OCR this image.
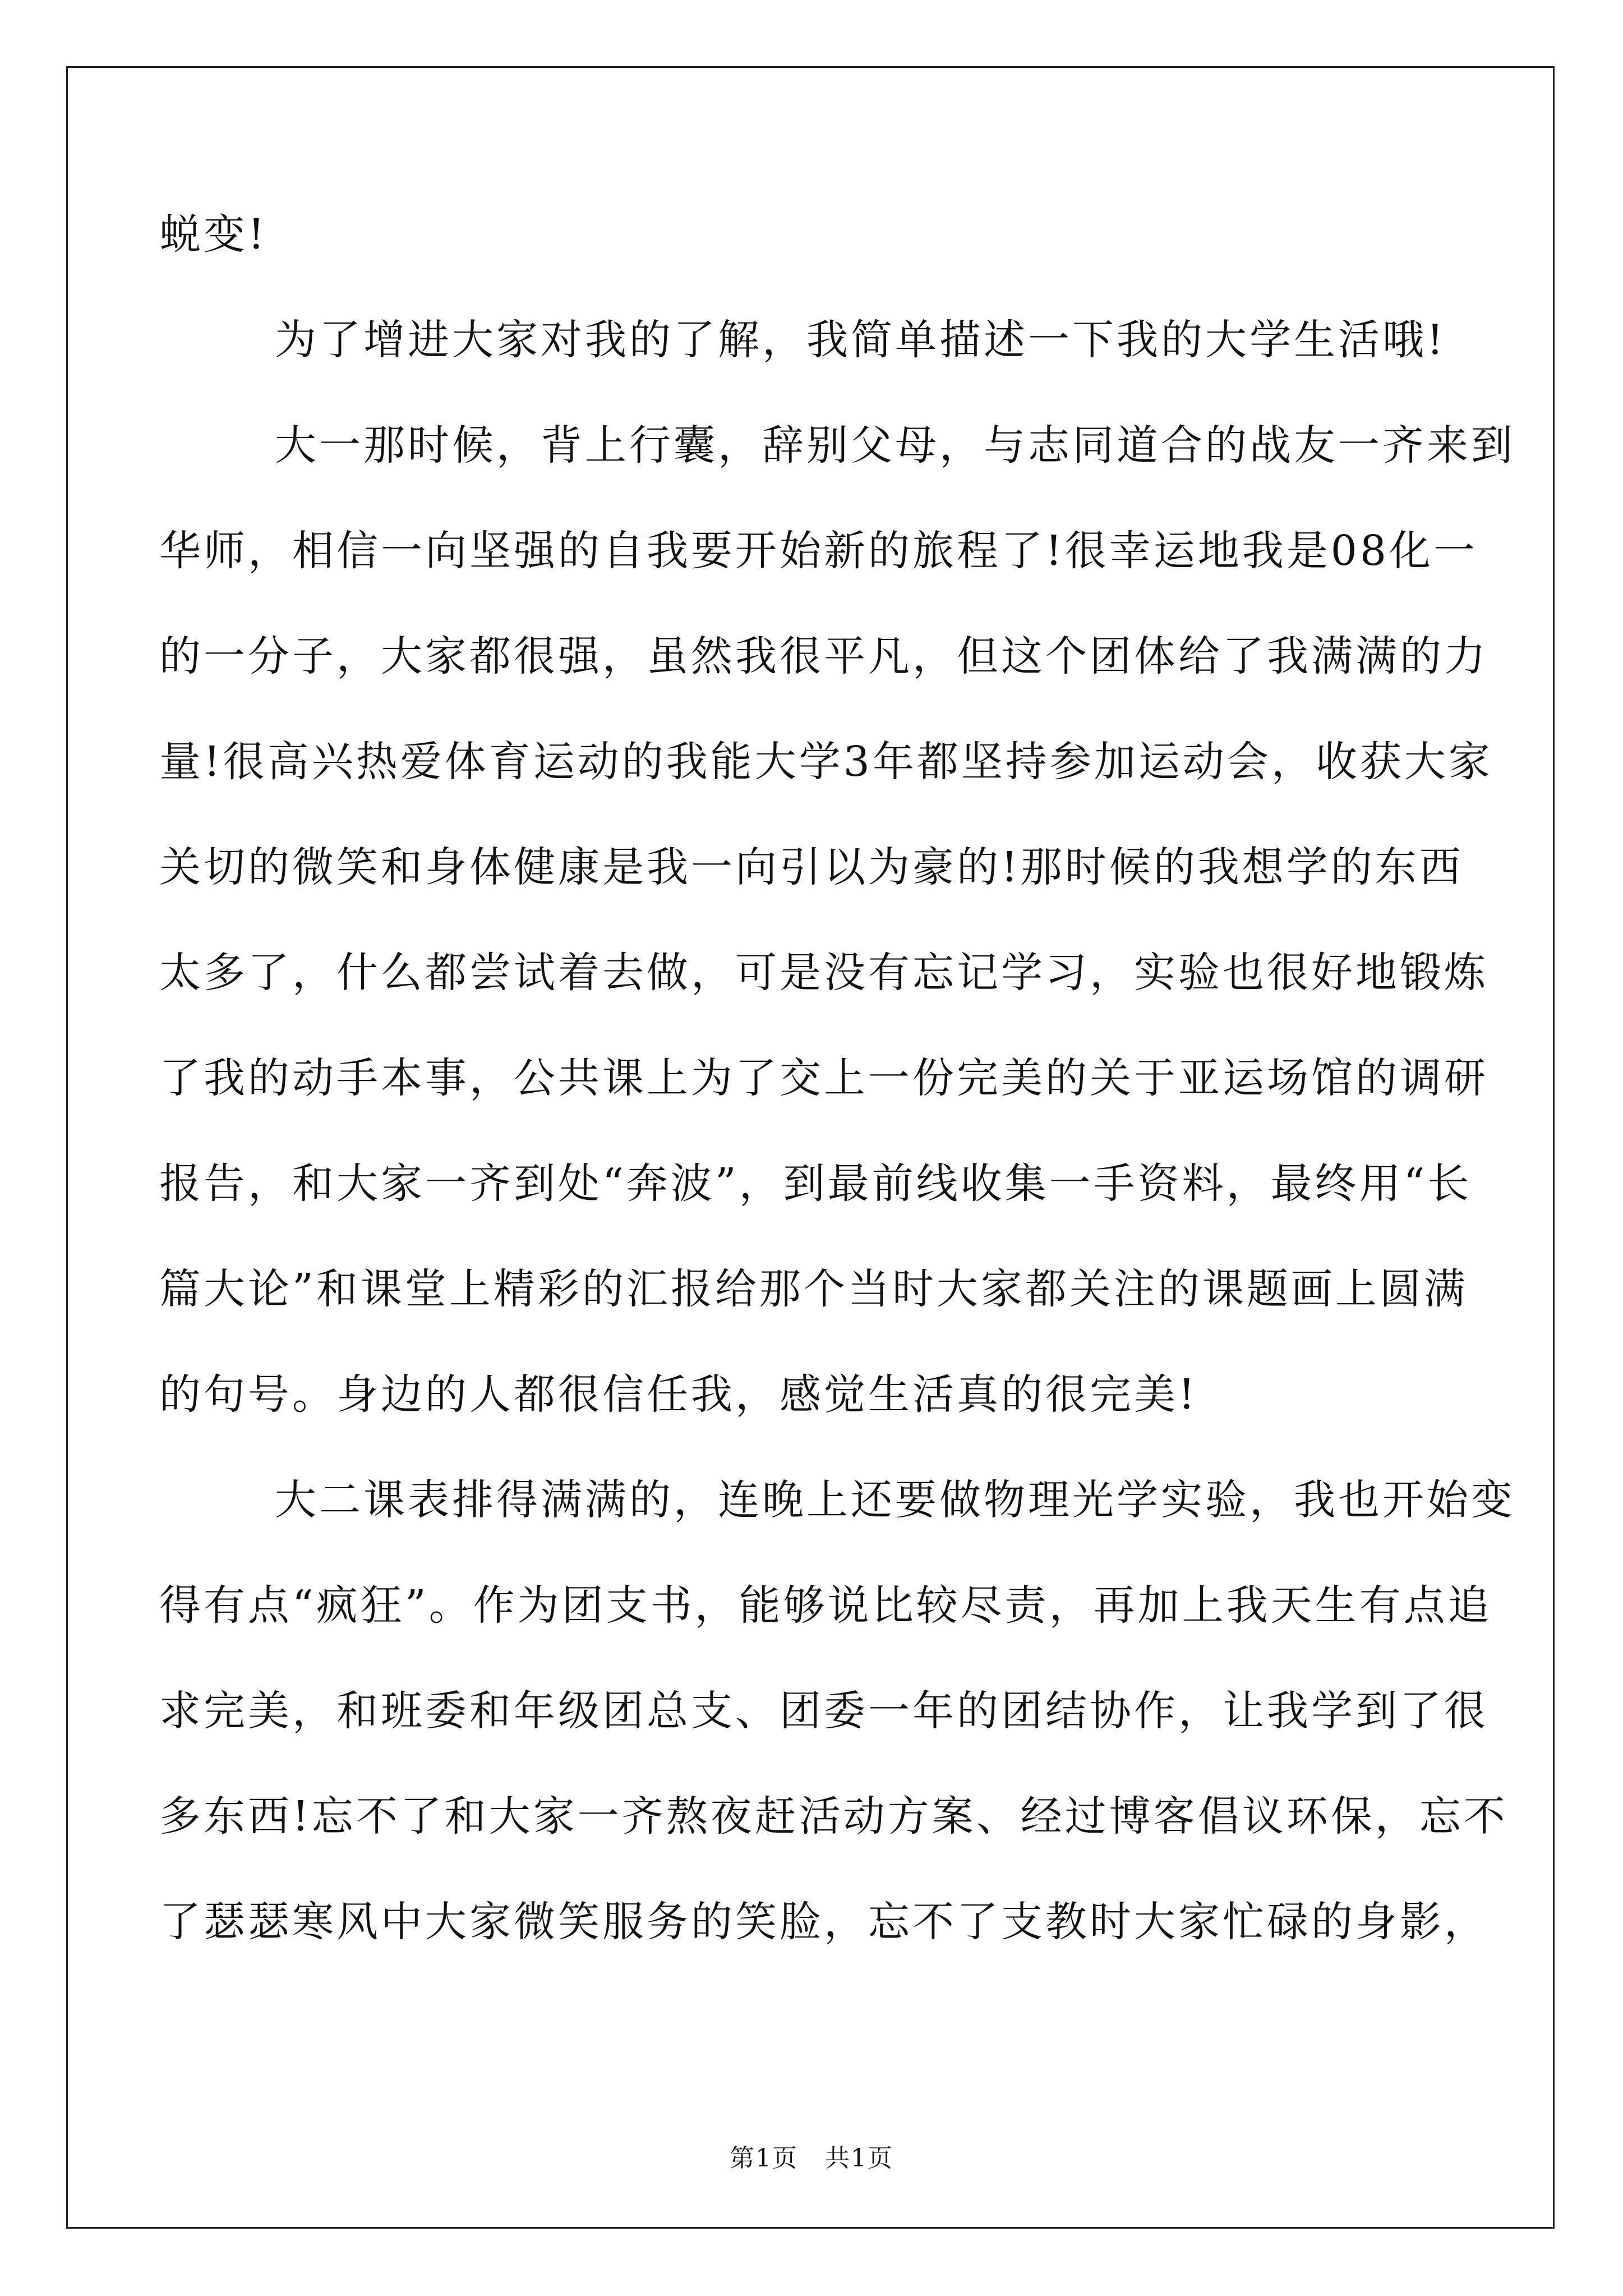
蜕变!
为了增进大家对我的了解，我简单描述一下我的大学生活哦!
大一那时候，背上行囊，辞别父母，与志同道合的战友一齐来到
华师，相信一向坚强的自我要开始新的旅程了!很幸运地我是08化一
的一分子，大家都很强，虽然我很平凡，但这个团体给了我满满的力
量!很高兴热爱体育运动的我能大学3年都坚持参加运动会，收获大家
关切的微笑和身体健康是我一向引以为豪的!那时候的我想学的东西
太多了，什么都尝试着去做，可是没有忘记学习，实验也很好地锻炼
了我的动手本事，公共课上为了交上一份完美的关于亚运场馆的调研
报告，和大家一齐到处“奔波”，到最前线收集一手资料，最终用“长
篇大论”和课堂上精彩的汇报给那个当时大家都关注的课题画上圆满
的句号。身边的人都很信任我，感觉生活真的很完美!
大二课表排得满满的，连晚上还要做物理光学实验，我也开始变
得有点“疯狂”。作为团支书，能够说比较尽责，再加上我天生有点追
求完美，和班委和年级团总支、团委一年的团结协作，让我学到了很
多东西!忘不了和大家一齐熬夜赶活动方案、经过博客倡议环保，忘不
了瑟瑟寒风中大家微笑服务的笑脸，忘不了支教时大家忙碌的身影，
第1页 共1页
